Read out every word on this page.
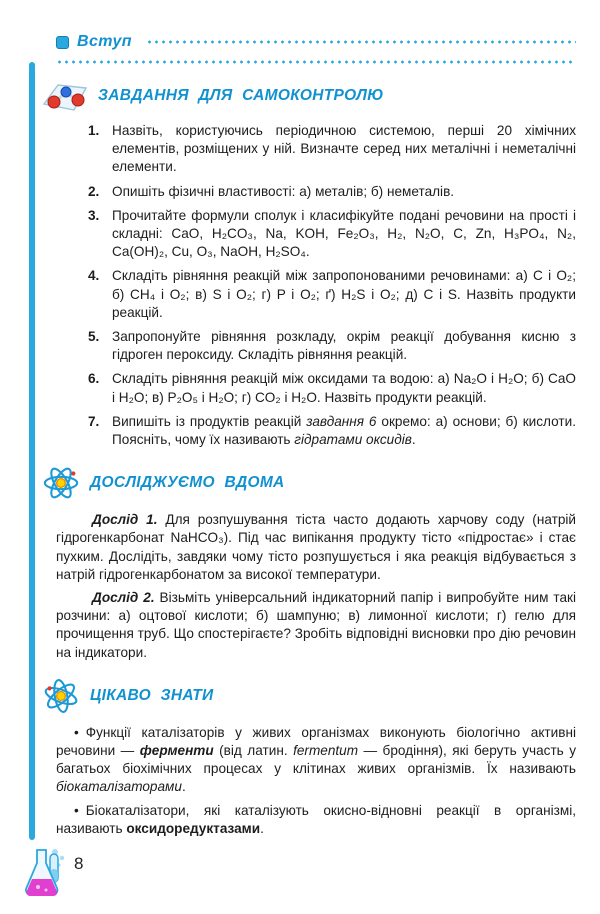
Вступ
ЗАВДАННЯ ДЛЯ САМОКОНТРОЛЮ
1. Назвіть, користуючись періодичною системою, перші 20 хімічних елементів, розміщених у ній. Визначте серед них металічні і неметалічні елементи.
2. Опишіть фізичні властивості: а) металів; б) неметалів.
3. Прочитайте формули сполук і класифікуйте подані речовини на прості і складні: CaO, H₂CO₃, Na, KOH, Fe₂O₃, H₂, N₂O, C, Zn, H₃PO₄, N₂, Ca(OH)₂, Cu, O₃, NaOH, H₂SO₄.
4. Складіть рівняння реакцій між запропонованими речовинами: а) C і O₂; б) CH₄ і O₂; в) S і O₂; г) P і O₂; ґ) H₂S і O₂; д) C і S. Назвіть продукти реакцій.
5. Запропонуйте рівняння розкладу, окрім реакції добування кисню з гідроген пероксиду. Складіть рівняння реакцій.
6. Складіть рівняння реакцій між оксидами та водою: а) Na₂O і H₂O; б) CaO і H₂O; в) P₂O₅ і H₂O; г) CO₂ і H₂O. Назвіть продукти реакцій.
7. Випишіть із продуктів реакцій завдання 6 окремо: а) основи; б) кислоти. Поясніть, чому їх називають гідратами оксидів.
ДОСЛІДЖУЄМО ВДОМА

Дослід 1. Для розпушування тіста часто додають харчову соду (натрій гідрогенкарбонат NaHCO₃). Під час випікання продукту тісто «підростає» і стає пухким. Дослідіть, завдяки чому тісто розпушується і яка реакція відбувається з натрій гідрогенкарбонатом за високої температури.

Дослід 2. Візьміть універсальний індикаторний папір і випробуйте ним такі розчини: а) оцтової кислоти; б) шампуню; в) лимонної кислоти; г) гелю для прочищення труб. Що спостерігаєте? Зробіть відповідні висновки про дію речовин на індикатори.

ЦІКАВО ЗНАТИ

• Функції каталізаторів у живих організмах виконують біологічно активні речовини — ферменти (від латин. fermentum — бродіння), які беруть участь у багатьох біохімічних процесах у клітинах живих організмів. Їх називають біокаталізаторами.

• Біокаталізатори, які каталізують окисно-відновні реакції в організмі, називають оксидоредуктазами.

8
